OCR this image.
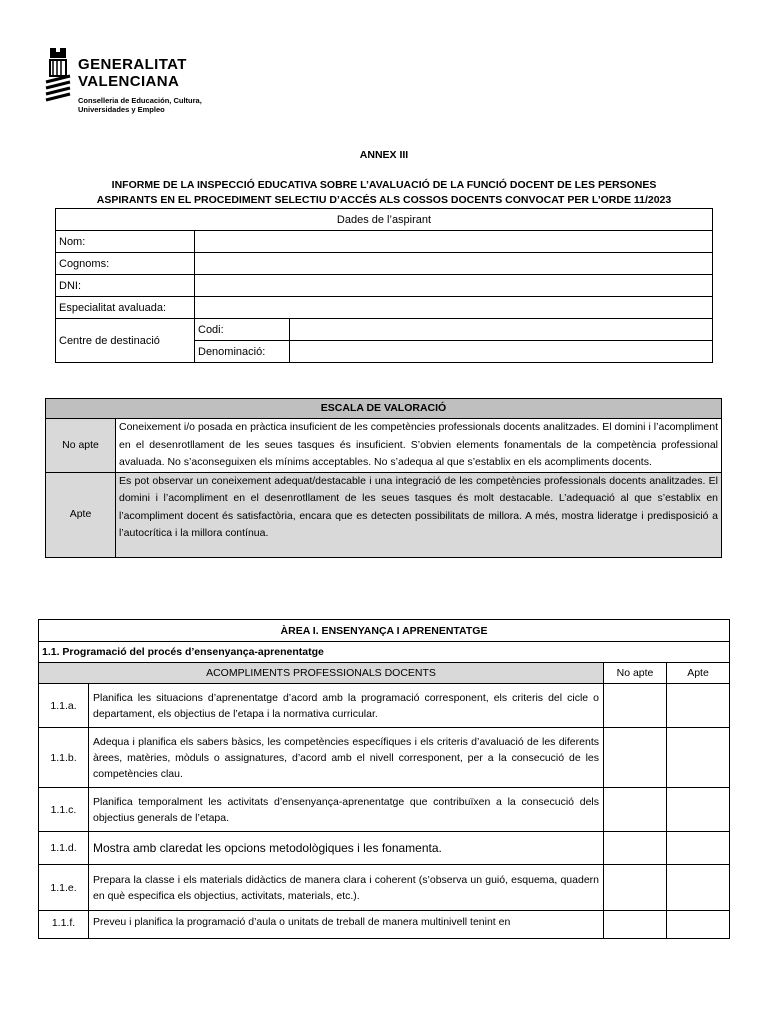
GENERALITAT
VALENCIANA
Conselleria de Educación, Cultura,
Universidades y Empleo
ANNEX III
INFORME DE LA INSPECCIÓ EDUCATIVA SOBRE L’AVALUACIÓ DE LA FUNCIÓ DOCENT DE LES PERSONES
ASPIRANTS EN EL PROCEDIMENT SELECTIU D’ACCÉS ALS COSSOS DOCENTS CONVOCAT PER L’ORDE 11/2023
Dades de l’aspirant		
Nom:		
Cognoms:		
DNI:		
Especialitat avaluada:		
Centre de destinació	Codi:	
	Denominació:	
ESCALA DE VALORACIÓ	
No apte	Coneixement i/o posada en pràctica insuficient de les competències professionals docents analitzades. El domini i l’acompliment en el desenrotllament de les seues tasques és insuficient. S’obvien elements fonamentals de la competència professional avaluada. No s’aconseguixen els mínims acceptables. No s’adequa al que s’establix en els acompliments docents.
Apte	Es pot observar un coneixement adequat/destacable i una integració de les competències professionals docents analitzades. El domini i l’acompliment en el desenrotllament de les seues tasques és molt destacable. L’adequació al que s’establix en l’acompliment docent és satisfactòria, encara que es detecten possibilitats de millora. A més, mostra lideratge i predisposició a l’autocrítica i la millora contínua.
ÀREA I. ENSENYANÇA I APRENENTATGE			
1.1. Programació del procés d’ensenyança-aprenentatge			
ACOMPLIMENTS PROFESSIONALS DOCENTS		No apte	Apte
1.1.a.	Planifica les situacions d’aprenentatge d’acord amb la programació corresponent, els criteris del cicle o departament, els objectius de l’etapa i la normativa curricular.		
1.1.b.	Adequa i planifica els sabers bàsics, les competències específiques i els criteris d’avaluació de les diferents àrees, matèries, mòduls o assignatures, d’acord amb el nivell corresponent, per a la consecució de les competències clau.		
1.1.c.	Planifica temporalment les activitats d’ensenyança-aprenentatge que contribuïxen a la consecució dels objectius generals de l’etapa.		
1.1.d.	Mostra amb claredat les opcions metodològiques i les fonamenta.		
1.1.e.	Prepara la classe i els materials didàctics de manera clara i coherent (s’observa un guió, esquema, quadern en què especifica els objectius, activitats, materials, etc.).		
1.1.f.	Preveu i planifica la programació d’aula o unitats de treball de manera multinivell tenint en		
